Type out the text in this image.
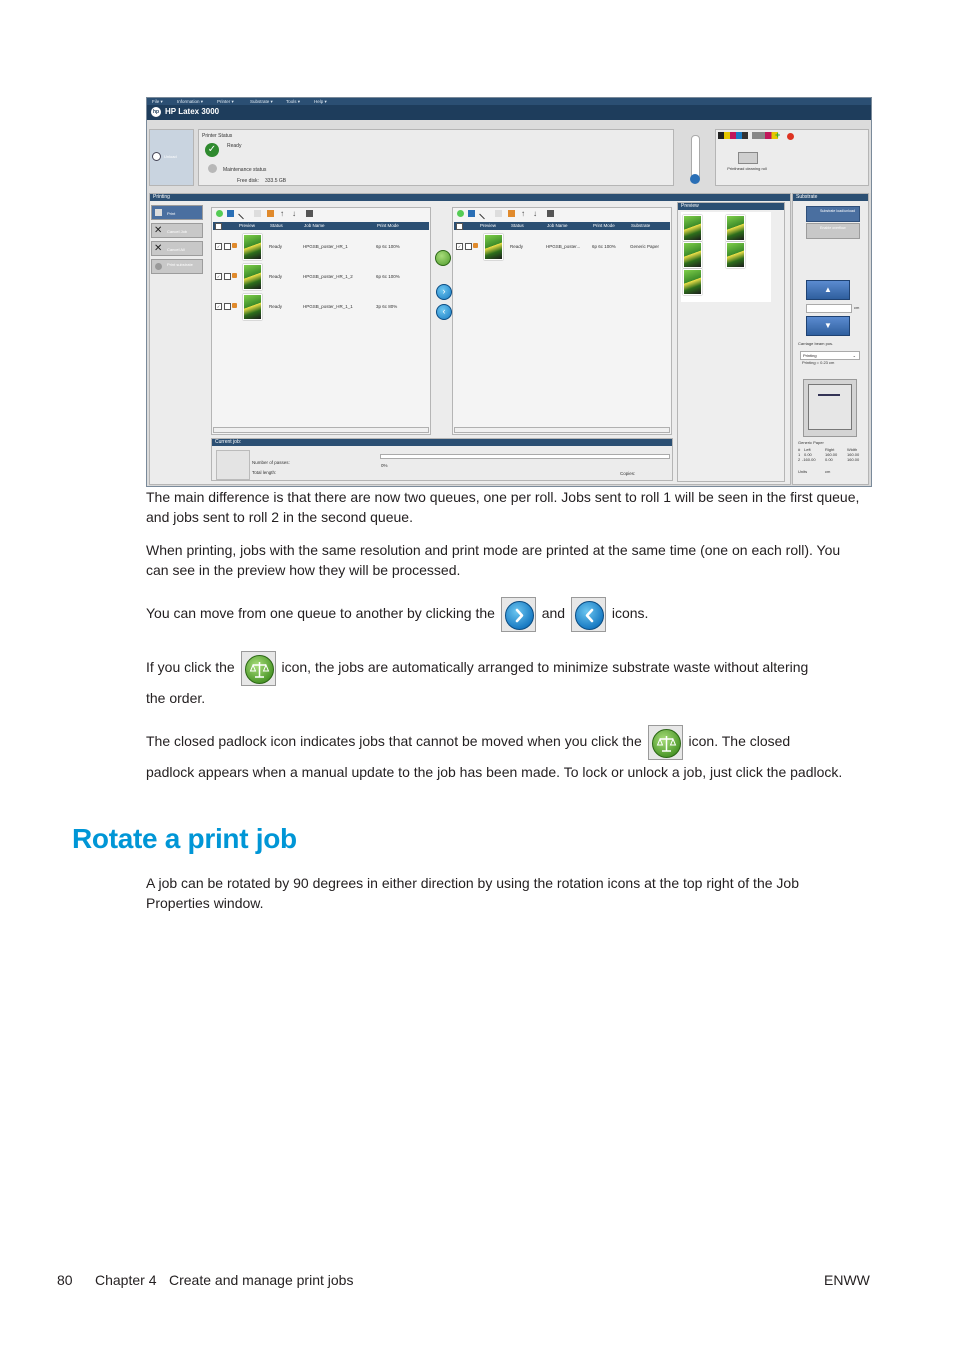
File ▾	Information ▾	Printer ▾	Substrate ▾	Tools ▾	Help ▾
hp HP Latex 3000
Unload
Printer Status
✓	Ready
Maintenance status
Free disk: 333.5 GB
+
Printhead cleaning roll
Printing
Print
✕ Cancel Job
✕ Cancel All
Print substrate
↑	↓
✓	Preview	Status	Job Name	Print Mode
✓	Ready	HPGSB_poster_HR_1	6p 6c 100%
✓	Ready	HPGSB_poster_HR_1_2	6p 6c 100%
✓	Ready	HPGSB_poster_HR_1_1	3p 6c 80%
›
‹
↑	↓
✓	Preview	Status	Job Name	Print Mode	Substrate
✓	Ready	HPGSB_poster...	6p 6c 100%	Generic Paper
Current job:
Number of passes:
Total length:
0%
Copies:
Preview
Substrate
Substrate load/unload
Enable overflow
▲
cm
▼
Carriage beam pos.
Printing	⌄
Printing = 0.23 cm
Generic Paper
# Left	Right	Width
1 0.00	160.00 160.00
2 -160.00 0.00	160.00
Units	cm
The main difference is that there are now two queues, one per roll. Jobs sent to roll 1 will be seen in the first queue, and jobs sent to roll 2 in the second queue.
When printing, jobs with the same resolution and print mode are printed at the same time (one on each roll). You can see in the preview how they will be processed.
You can move from one queue to another by clicking the	and	icons.
If you click the	icon, the jobs are automatically arranged to minimize substrate waste without altering
the order.
The closed padlock icon indicates jobs that cannot be moved when you click the	icon. The closed
padlock appears when a manual update to the job has been made. To lock or unlock a job, just click the padlock.
Rotate a print job
A job can be rotated by 90 degrees in either direction by using the rotation icons at the top right of the Job Properties window.
80 Chapter 4 Create and manage print jobs	ENWW
